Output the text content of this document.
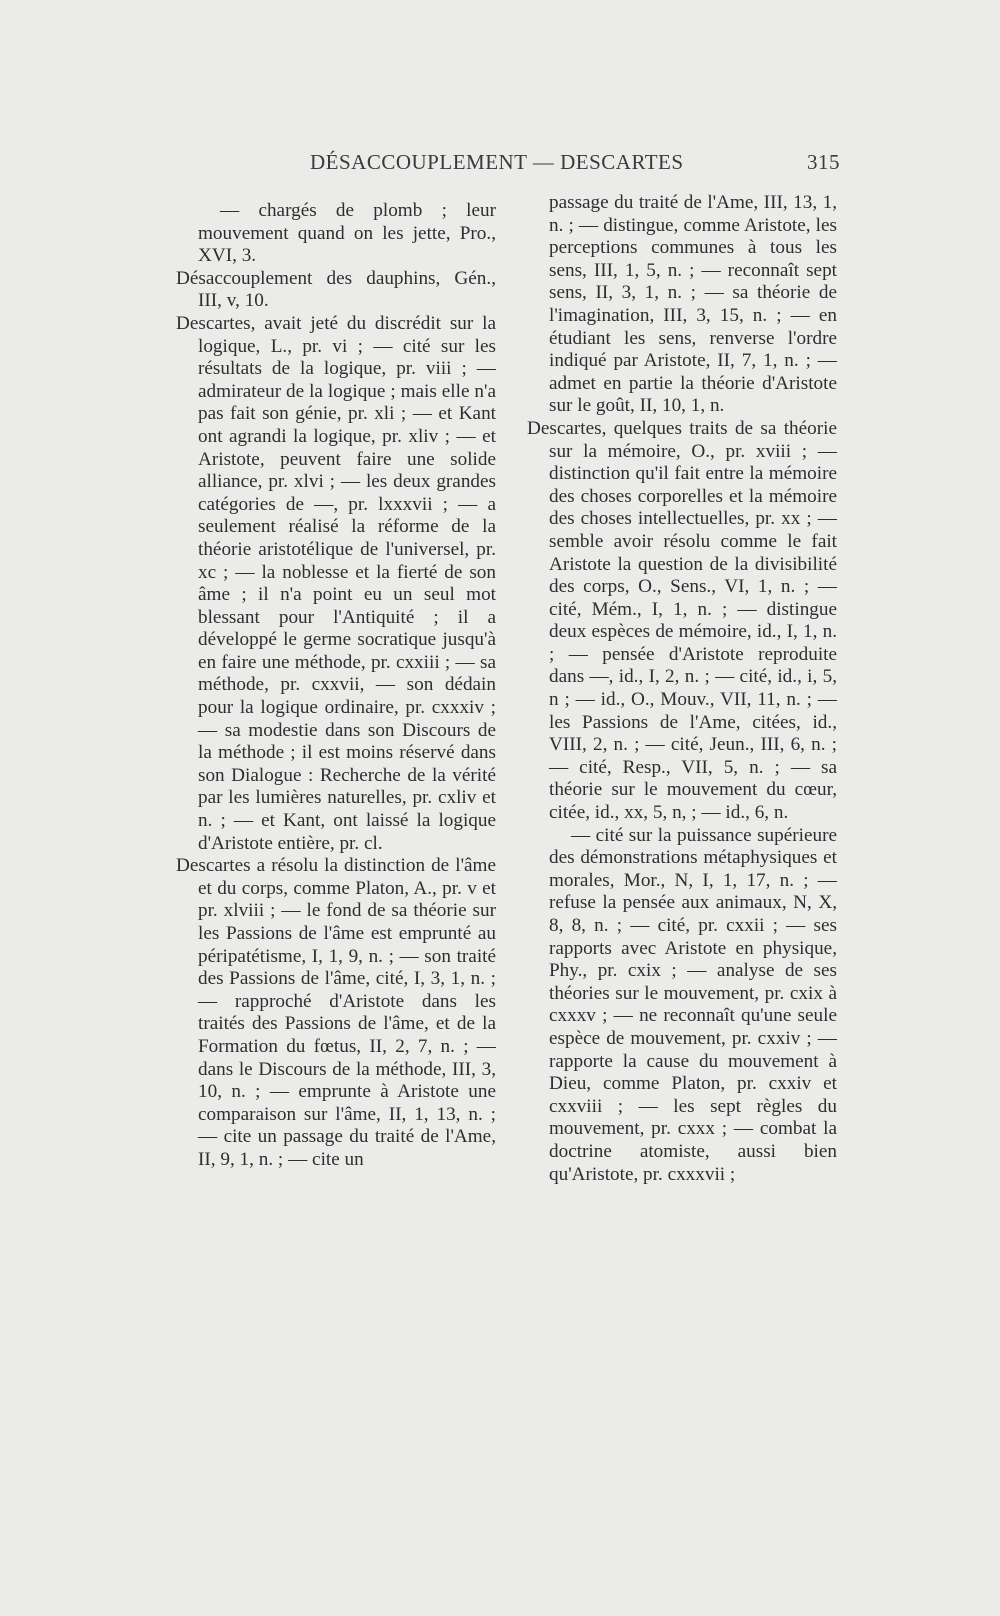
DÉSACCOUPLEMENT — DESCARTES	315

— chargés de plomb ; leur mouvement quand on les jette, Pro., XVI, 3.

Désaccouplement des dauphins, Gén., III, v, 10.

Descartes, avait jeté du discrédit sur la logique, L., pr. vi ; — cité sur les résultats de la logique, pr. viii ; — admirateur de la logique ; mais elle n'a pas fait son génie, pr. xli ; — et Kant ont agrandi la logique, pr. xliv ; — et Aristote, peuvent faire une solide alliance, pr. xlvi ; — les deux grandes catégories de —, pr. lxxxvii ; — a seulement réalisé la réforme de la théorie aristotélique de l'universel, pr. xc ; — la noblesse et la fierté de son âme ; il n'a point eu un seul mot blessant pour l'Antiquité ; il a développé le germe socratique jusqu'à en faire une méthode, pr. cxxiii ; — sa méthode, pr. cxxvii, — son dédain pour la logique ordinaire, pr. cxxxiv ; — sa modestie dans son Discours de la méthode ; il est moins réservé dans son Dialogue : Recherche de la vérité par les lumières naturelles, pr. cxliv et n. ; — et Kant, ont laissé la logique d'Aristote entière, pr. cl.

Descartes a résolu la distinction de l'âme et du corps, comme Platon, A., pr. v et pr. xlviii ; — le fond de sa théorie sur les Passions de l'âme est emprunté au péripatétisme, I, 1, 9, n. ; — son traité des Passions de l'âme, cité, I, 3, 1, n. ; — rapproché d'Aristote dans les traités des Passions de l'âme, et de la Formation du fœtus, II, 2, 7, n. ; — dans le Discours de la méthode, III, 3, 10, n. ; — emprunte à Aristote une comparaison sur l'âme, II, 1, 13, n. ; — cite un passage du traité de l'Ame, II, 9, 1, n. ; — cite un

passage du traité de l'Ame, III, 13, 1, n. ; — distingue, comme Aristote, les perceptions communes à tous les sens, III, 1, 5, n. ; — reconnaît sept sens, II, 3, 1, n. ; — sa théorie de l'imagination, III, 3, 15, n. ; — en étudiant les sens, renverse l'ordre indiqué par Aristote, II, 7, 1, n. ; — admet en partie la théorie d'Aristote sur le goût, II, 10, 1, n.

Descartes, quelques traits de sa théorie sur la mémoire, O., pr. xviii ; — distinction qu'il fait entre la mémoire des choses corporelles et la mémoire des choses intellectuelles, pr. xx ; — semble avoir résolu comme le fait Aristote la question de la divisibilité des corps, O., Sens., VI, 1, n. ; — cité, Mém., I, 1, n. ; — distingue deux espèces de mémoire, id., I, 1, n. ; — pensée d'Aristote reproduite dans —, id., I, 2, n. ; — cité, id., i, 5, n ; — id., O., Mouv., VII, 11, n. ; — les Passions de l'Ame, citées, id., VIII, 2, n. ; — cité, Jeun., III, 6, n. ; — cité, Resp., VII, 5, n. ; — sa théorie sur le mouvement du cœur, citée, id., xx, 5, n, ; — id., 6, n.

— cité sur la puissance supérieure des démonstrations métaphysiques et morales, Mor., N, I, 1, 17, n. ; — refuse la pensée aux animaux, N, X, 8, 8, n. ; — cité, pr. cxxii ; — ses rapports avec Aristote en physique, Phy., pr. cxix ; — analyse de ses théories sur le mouvement, pr. cxix à cxxxv ; — ne reconnaît qu'une seule espèce de mouvement, pr. cxxiv ; — rapporte la cause du mouvement à Dieu, comme Platon, pr. cxxiv et cxxviii ; — les sept règles du mouvement, pr. cxxx ; — combat la doctrine atomiste, aussi bien qu'Aristote, pr. cxxxvii ;
